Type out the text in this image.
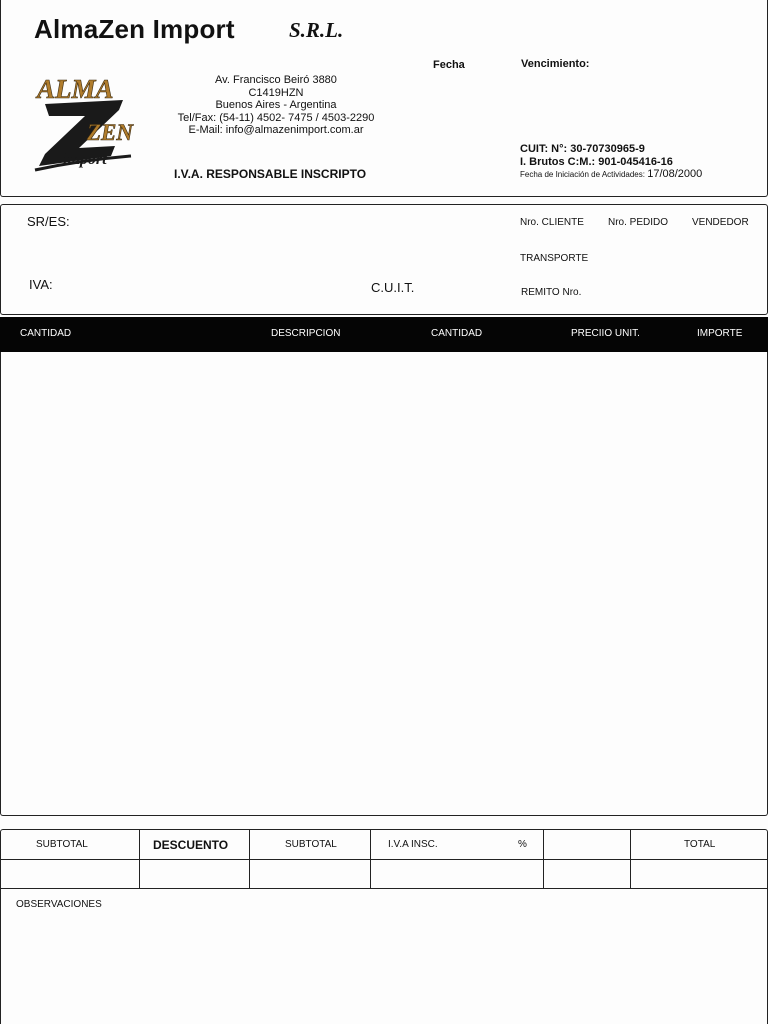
AlmaZen Import	S.R.L.
ALMA
ZEN
import
Av. Francisco Beiró 3880
C1419HZN
Buenos Aires - Argentina
Tel/Fax: (54-11) 4502- 7475 / 4503-2290
E-Mail: info@almazenimport.com.ar
I.V.A. RESPONSABLE INSCRIPTO
Fecha	Vencimiento:
CUIT: N°: 30-70730965-9
I. Brutos C:M.: 901-045416-16
Fecha de Iniciación de Actividades: 17/08/2000
SR/ES:
IVA:	C.U.I.T.
Nro. CLIENTE Nro. PEDIDO VENDEDOR
TRANSPORTE
REMITO Nro.
CANTIDAD	DESCRIPCION	CANTIDAD	PRECIIO UNIT.	IMPORTE
SUBTOTAL	DESCUENTO	SUBTOTAL	I.V.A INSC.	%	TOTAL
OBSERVACIONES
